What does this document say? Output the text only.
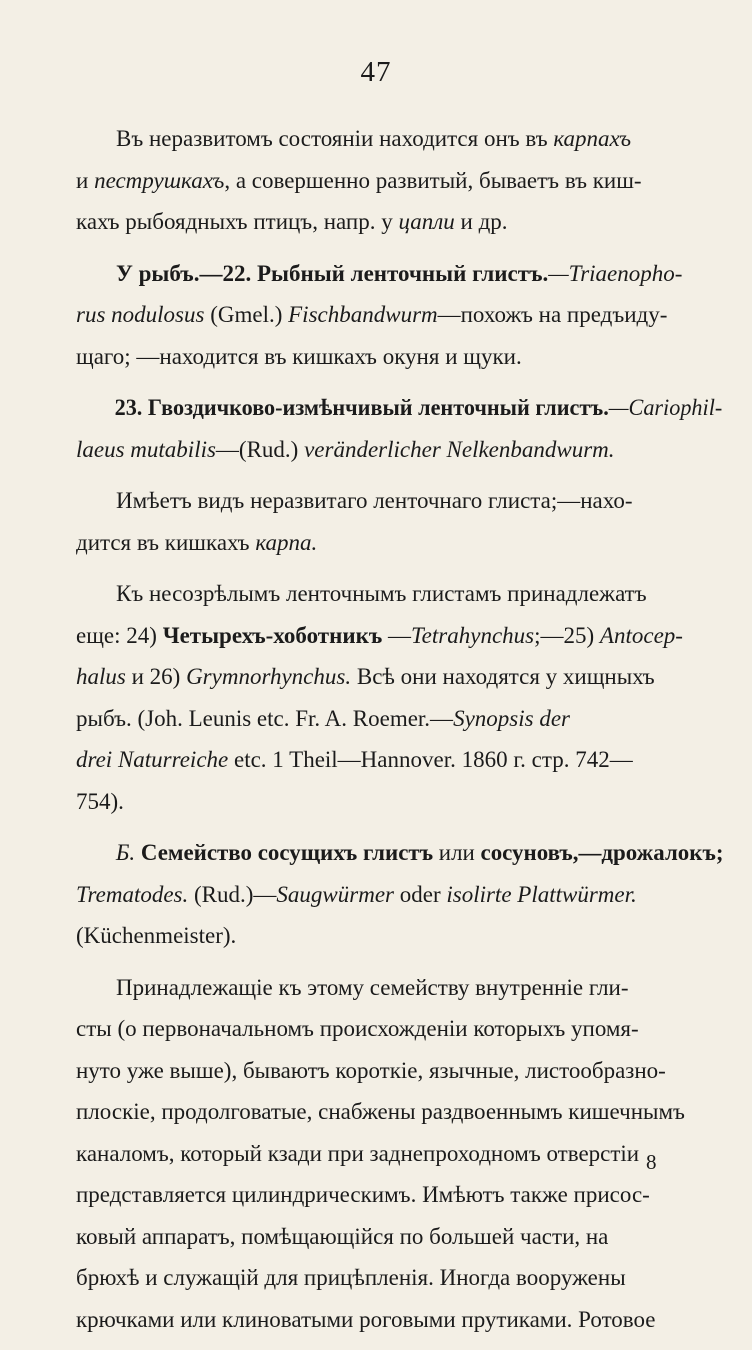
47
Въ неразвитомъ состоянiи находится онъ въ карпахъ
и пеструшкахъ, а совершенно развитый, бываетъ въ киш-
кахъ рыбоядныхъ птицъ, напр. у цапли и др.
У рыбъ.—22. Рыбный ленточный глистъ.—Triaenopho-
rus nodulosus (Gmel.) Fischbandwurm—похожъ на предъиду-
щаго; —находится въ кишкахъ окуня и щуки.
23. Гвоздичково-измѣнчивый ленточный глистъ.—Cariophil-
laeus mutabilis—(Rud.) veränderlicher Nelkenbandwurm.
Имѣетъ видъ неразвитаго ленточнаго глиста;—нахо-
дится въ кишкахъ карпа.
Къ несозрѣлымъ ленточнымъ глистамъ принадлежатъ
еще: 24) Четырехъ-хоботникъ —Tetrahynchus;—25) Antocep-
halus и 26) Grymnorhynchus. Всѣ они находятся у хищныхъ
рыбъ. (Joh. Leunis etc. Fr. A. Roemer.—Synopsis der
drei Naturreiche etc. 1 Theil—Hannover. 1860 г. стр. 742—
754).
Б. Семейство сосущихъ глистъ или сосуновъ,—дрожалокъ;
Trematodes. (Rud.)—Saugwürmer oder isolirte Plattwürmer.
(Küchenmeister).
Принадлежащiе къ этому семейству внутреннiе гли-
сты (о первоначальномъ происхожденiи которыхъ упомя-
нуто уже выше), бываютъ короткiе, язычные, листообразно-
плоскiе, продолговатые, снабжены раздвоеннымъ кишечнымъ
каналомъ, который кзади при заднепроходномъ отверстiи
представляется цилиндрическимъ. Имѣютъ также присос-
ковый аппаратъ, помѣщающiйся по большей части, на
брюхѣ и служащiй для прицѣпленiя. Иногда вооружены
крючками или клиноватыми роговыми прутиками. Ротовое
8
